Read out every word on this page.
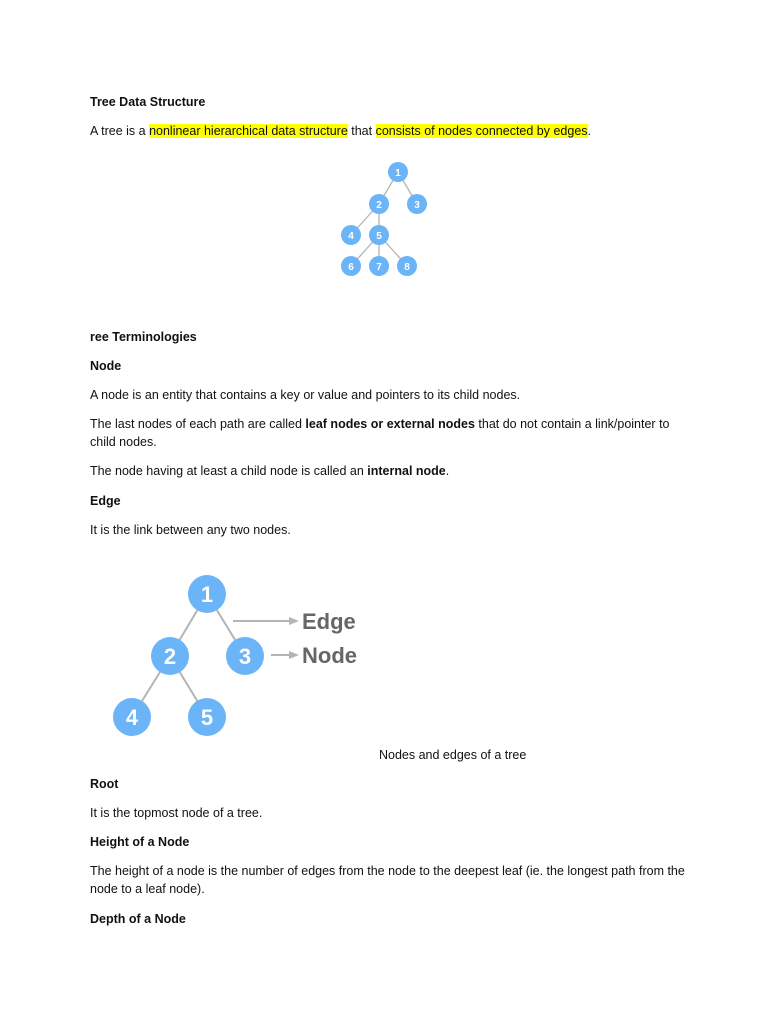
Tree Data Structure
A tree is a nonlinear hierarchical data structure that consists of nodes connected by edges.
1
2	3
4 5
6 7 8
ree Terminologies
Node
A node is an entity that contains a key or value and pointers to its child nodes.
The last nodes of each path are called leaf nodes or external nodes that do not contain a link/pointer to child nodes.
The node having at least a child node is called an internal node.
Edge
It is the link between any two nodes.
1
2	3
4	5
Edge
Node
Nodes and edges of a tree
Root
It is the topmost node of a tree.
Height of a Node
The height of a node is the number of edges from the node to the deepest leaf (ie. the longest path from the node to a leaf node).
Depth of a Node
